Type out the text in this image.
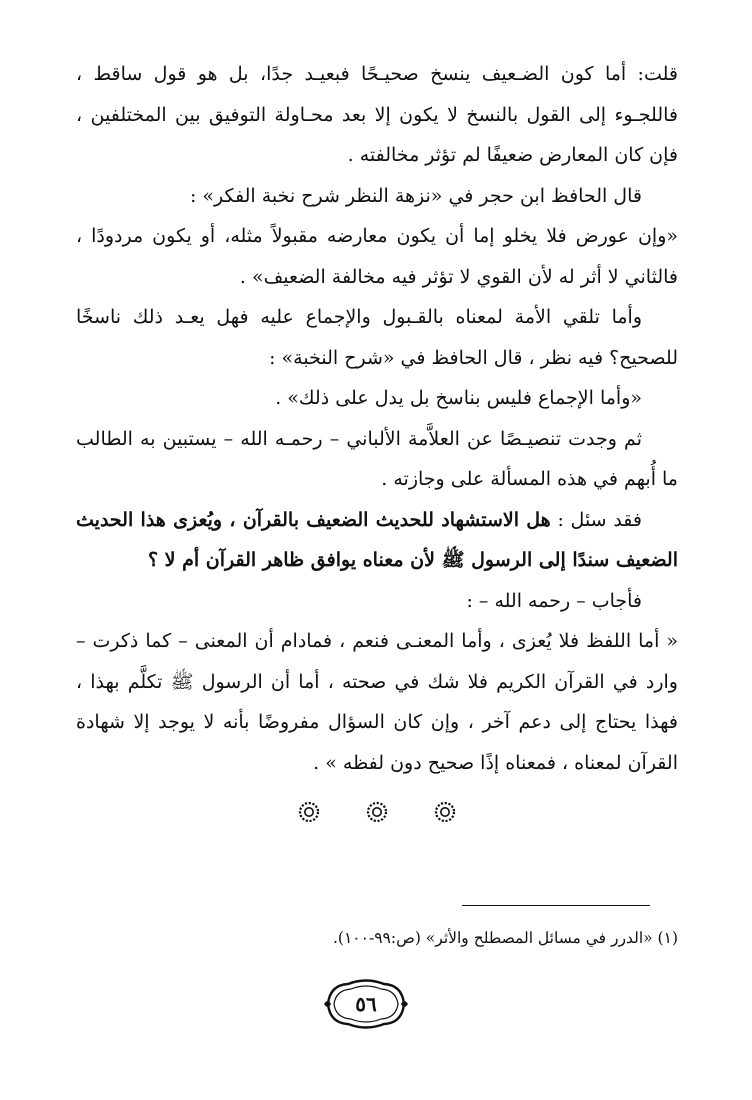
قلت: أما كون الضـعيف ينسخ صحيـحًا فبعيـد جدًا، بل هو قول ساقط ، فاللجـوء إلى القول بالنسخ لا يكون إلا بعد محـاولة التوفيق بين المختلفين ، فإن كان المعارض ضعيفًا لم تؤثر مخالفته .

قال الحافظ ابن حجر في «نزهة النظر شرح نخبة الفكر» :

«وإن عورض فلا يخلو إما أن يكون معارضه مقبولاً مثله، أو يكون مردودًا ، فالثاني لا أثر له لأن القوي لا تؤثر فيه مخالفة الضعيف» .

وأما تلقي الأمة لمعناه بالقـبول والإجماع عليه فهل يعـد ذلك ناسخًا للصحيح؟ فيه نظر ، قال الحافظ في «شرح النخبة» :

«وأما الإجماع فليس بناسخ بل يدل على ذلك» .

ثم وجدت تنصيـصًا عن العلاَّمة الألباني – رحمـه الله – يستبين به الطالب ما أُبهم في هذه المسألة على وجازته .

فقد سئل : هل الاستشهاد للحديث الضعيف بالقرآن ، ويُعزى هذا الحديث الضعيف سندًا إلى الرسول ﷺ لأن معناه يوافق ظاهر القرآن أم لا ؟

فأجاب – رحمه الله – :

« أما اللفظ فلا يُعزى ، وأما المعنـى فنعم ، فمادام أن المعنى – كما ذكرت – وارد في القرآن الكريم فلا شك في صحته ، أما أن الرسول ﷺ تكلَّم بهذا ، فهذا يحتاج إلى دعم آخر ، وإن كان السؤال مفروضًا بأنه لا يوجد إلا شهادة القرآن لمعناه ، فمعناه إذًا صحيح دون لفظه » .

(١) «الدرر في مسائل المصطلح والأثر» (ص:٩٩-١٠٠).
٥٦
